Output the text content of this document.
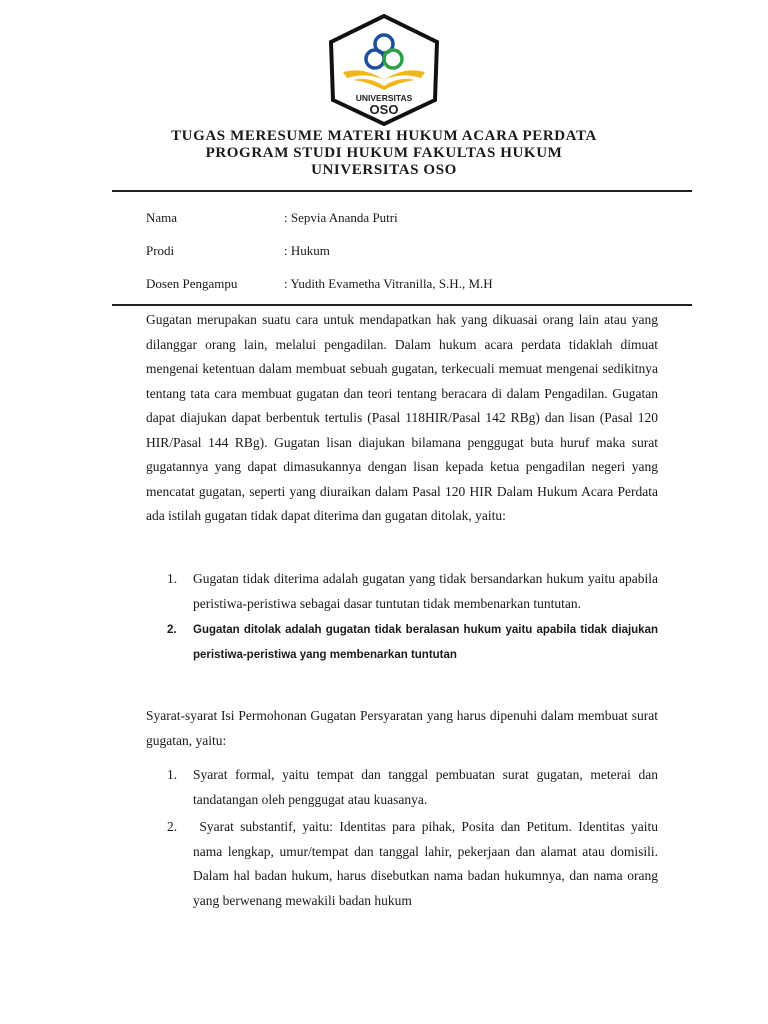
UNIVERSITAS
OSO
TUGAS MERESUME MATERI HUKUM ACARA PERDATA
PROGRAM STUDI HUKUM FAKULTAS HUKUM
UNIVERSITAS OSO
Nama	: Sepvia Ananda Putri
Prodi	: Hukum
Dosen Pengampu	: Yudith Evametha Vitranilla, S.H., M.H
Gugatan merupakan suatu cara untuk mendapatkan hak yang dikuasai orang lain atau yang dilanggar orang lain, melalui pengadilan. Dalam hukum acara perdata tidaklah dimuat mengenai ketentuan dalam membuat sebuah gugatan, terkecuali memuat mengenai sedikitnya tentang tata cara membuat gugatan dan teori tentang beracara di dalam Pengadilan. Gugatan dapat diajukan dapat berbentuk tertulis (Pasal 118HIR/Pasal 142 RBg) dan lisan (Pasal 120 HIR/Pasal 144 RBg). Gugatan lisan diajukan bilamana penggugat buta huruf maka surat gugatannya yang dapat dimasukannya dengan lisan kepada ketua pengadilan negeri yang mencatat gugatan, seperti yang diuraikan dalam Pasal 120 HIR Dalam Hukum Acara Perdata ada istilah gugatan tidak dapat diterima dan gugatan ditolak, yaitu:
1.	Gugatan tidak diterima adalah gugatan yang tidak bersandarkan hukum yaitu apabila peristiwa-peristiwa sebagai dasar tuntutan tidak membenarkan tuntutan.
2.	Gugatan ditolak adalah gugatan tidak beralasan hukum yaitu apabila tidak diajukan peristiwa-peristiwa yang membenarkan tuntutan
Syarat-syarat Isi Permohonan Gugatan Persyaratan yang harus dipenuhi dalam membuat surat gugatan, yaitu:
1.	Syarat formal, yaitu tempat dan tanggal pembuatan surat gugatan, meterai dan tandatangan oleh penggugat atau kuasanya.
2.	Syarat substantif, yaitu: Identitas para pihak, Posita dan Petitum. Identitas yaitu nama lengkap, umur/tempat dan tanggal lahir, pekerjaan dan alamat atau domisili. Dalam hal badan hukum, harus disebutkan nama badan hukumnya, dan nama orang yang berwenang mewakili badan hukum
